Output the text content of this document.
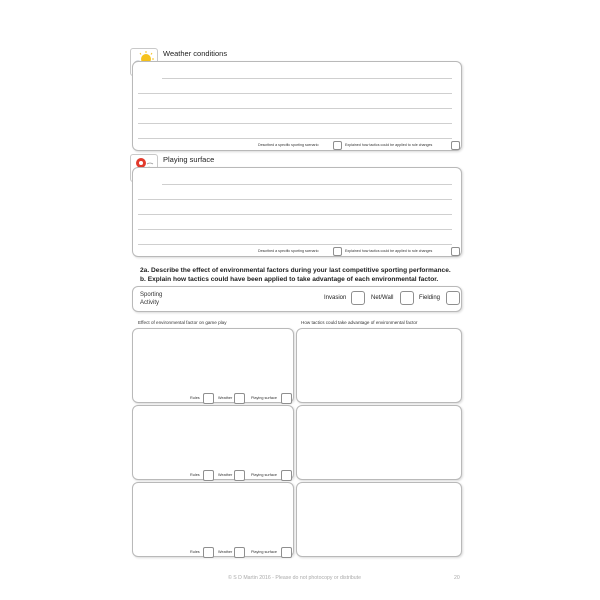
Weather conditions
Described a specific sporting scenario	Explained how tactics could be applied to rule changes
Playing surface
Described a specific sporting scenario	Explained how tactics could be applied to rule changes
2a. Describe the effect of environmental factors during your last competitive sporting performance.
b. Explain how tactics could have been applied to take advantage of each environmental factor.
Sporting Activity
Invasion	Net/Wall	Fielding
Effect of environmental factor on game play	How tactics could take advantage of environmental factor
Rules	Weather	Playing surface
Rules	Weather	Playing surface
Rules	Weather	Playing surface
© S D Martin 2016 - Please do not photocopy or distribute	20
